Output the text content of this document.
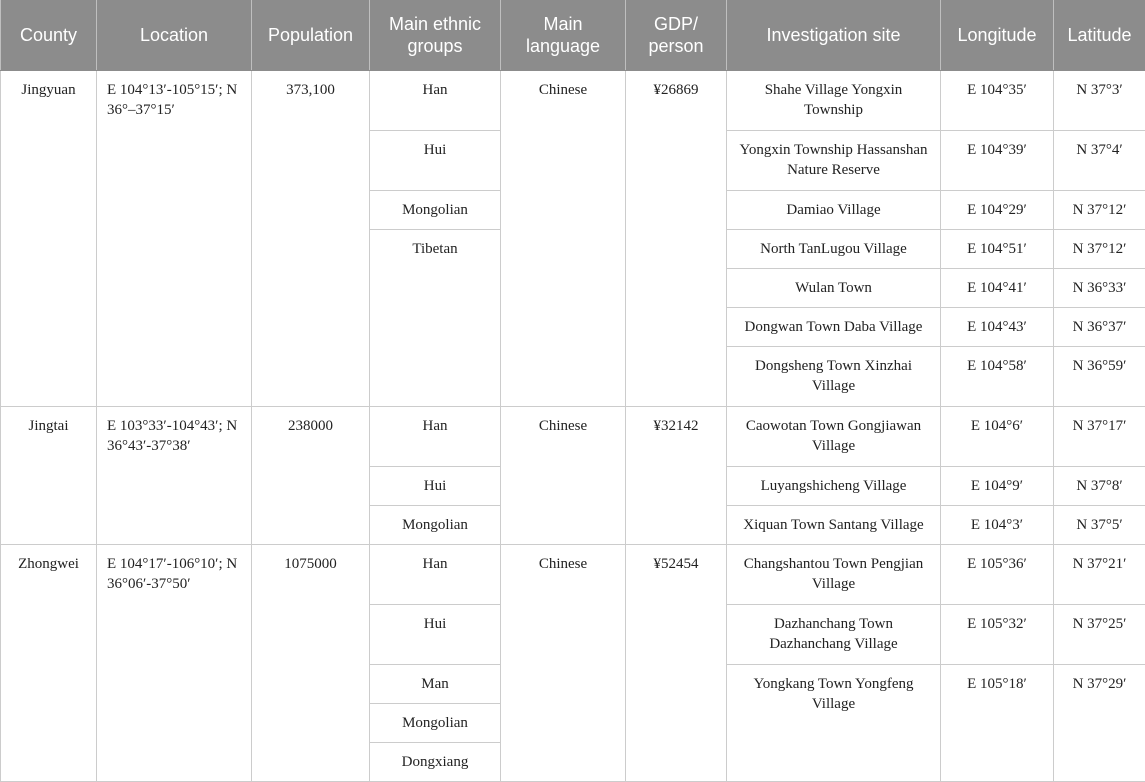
County	Location	Population	Main ethnic groups	Main language	GDP/ person	Investigation site	Longitude	Latitude
Jingyuan	E 104°13′-105°15′; N 36°–37°15′	373,100	Han	Chinese	¥26869	Shahe Village Yongxin Township	E 104°35′	N 37°3′
			Hui			Yongxin Township Hassanshan Nature Reserve	E 104°39′	N 37°4′
			Mongolian			Damiao Village	E 104°29′	N 37°12′
			Tibetan			North TanLugou Village	E 104°51′	N 37°12′
						Wulan Town	E 104°41′	N 36°33′
						Dongwan Town Daba Village	E 104°43′	N 36°37′
						Dongsheng Town Xinzhai Village	E 104°58′	N 36°59′
Jingtai	E 103°33′-104°43′; N 36°43′-37°38′	238000	Han	Chinese	¥32142	Caowotan Town Gongjiawan Village	E 104°6′	N 37°17′
			Hui			Luyangshicheng Village	E 104°9′	N 37°8′
			Mongolian			Xiquan Town Santang Village	E 104°3′	N 37°5′
Zhongwei	E 104°17′-106°10′; N 36°06′-37°50′	1075000	Han	Chinese	¥52454	Changshantou Town Pengjian Village	E 105°36′	N 37°21′
			Hui			Dazhanchang Town Dazhanchang Village	E 105°32′	N 37°25′
			Man			Yongkang Town Yongfeng Village	E 105°18′	N 37°29′
			Mongolian					
			Dongxiang					
